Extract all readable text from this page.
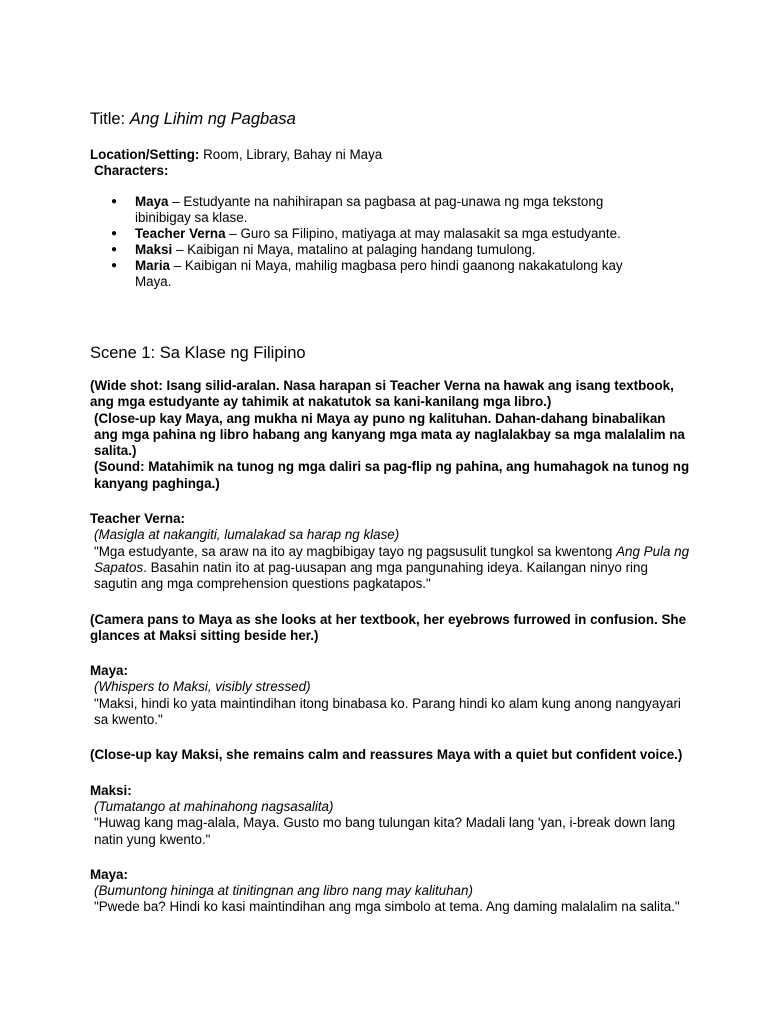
Title: Ang Lihim ng Pagbasa
Location/Setting: Room, Library, Bahay ni Maya
Characters:
● Maya – Estudyante na nahihirapan sa pagbasa at pag-unawa ng mga tekstong ibinibigay sa klase.
● Teacher Verna – Guro sa Filipino, matiyaga at may malasakit sa mga estudyante.
● Maksi – Kaibigan ni Maya, matalino at palaging handang tumulong.
● Maria – Kaibigan ni Maya, mahilig magbasa pero hindi gaanong nakakatulong kay Maya.
Scene 1: Sa Klase ng Filipino
(Wide shot: Isang silid-aralan. Nasa harapan si Teacher Verna na hawak ang isang textbook, ang mga estudyante ay tahimik at nakatutok sa kani-kanilang mga libro.)
(Close-up kay Maya, ang mukha ni Maya ay puno ng kalituhan. Dahan-dahang binabalikan ang mga pahina ng libro habang ang kanyang mga mata ay naglalakbay sa mga malalalim na salita.)
(Sound: Matahimik na tunog ng mga daliri sa pag-flip ng pahina, ang humahagok na tunog ng kanyang paghinga.)
Teacher Verna:
(Masigla at nakangiti, lumalakad sa harap ng klase)
"Mga estudyante, sa araw na ito ay magbibigay tayo ng pagsusulit tungkol sa kwentong Ang Pula ng Sapatos. Basahin natin ito at pag-uusapan ang mga pangunahing ideya. Kailangan ninyo ring sagutin ang mga comprehension questions pagkatapos."
(Camera pans to Maya as she looks at her textbook, her eyebrows furrowed in confusion. She glances at Maksi sitting beside her.)
Maya:
(Whispers to Maksi, visibly stressed)
"Maksi, hindi ko yata maintindihan itong binabasa ko. Parang hindi ko alam kung anong nangyayari sa kwento."
(Close-up kay Maksi, she remains calm and reassures Maya with a quiet but confident voice.)
Maksi:
(Tumatango at mahinahong nagsasalita)
"Huwag kang mag-alala, Maya. Gusto mo bang tulungan kita? Madali lang 'yan, i-break down lang natin yung kwento."
Maya:
(Bumuntong hininga at tinitingnan ang libro nang may kalituhan)
"Pwede ba? Hindi ko kasi maintindihan ang mga simbolo at tema. Ang daming malalalim na salita."
